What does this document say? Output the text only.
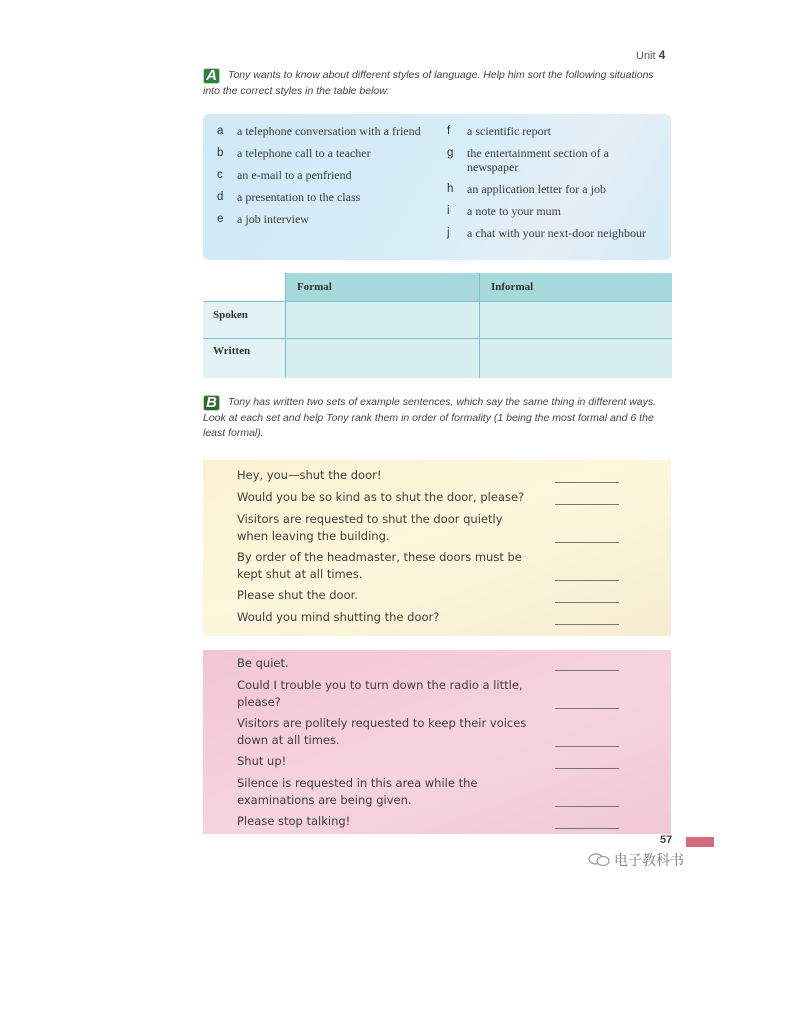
Unit 4
A Tony wants to know about different styles of language. Help him sort the following situations into the correct styles in the table below.
a	a telephone conversation with a friend
b	a telephone call to a teacher
c	an e-mail to a penfriend
d	a presentation to the class
e	a job interview
f	a scientific report
g	the entertainment section of a newspaper
h	an application letter for a job
i	a note to your mum
j	a chat with your next-door neighbour
Formal	Informal
Spoken
Written
B Tony has written two sets of example sentences, which say the same thing in different ways. Look at each set and help Tony rank them in order of formality (1 being the most formal and 6 the least formal).
Hey, you—shut the door!
Would you be so kind as to shut the door, please?
Visitors are requested to shut the door quietly when leaving the building.
By order of the headmaster, these doors must be kept shut at all times.
Please shut the door.
Would you mind shutting the door?
Be quiet.
Could I trouble you to turn down the radio a little, please?
Visitors are politely requested to keep their voices down at all times.
Shut up!
Silence is requested in this area while the examinations are being given.
Please stop talking!
57
电子教科书
